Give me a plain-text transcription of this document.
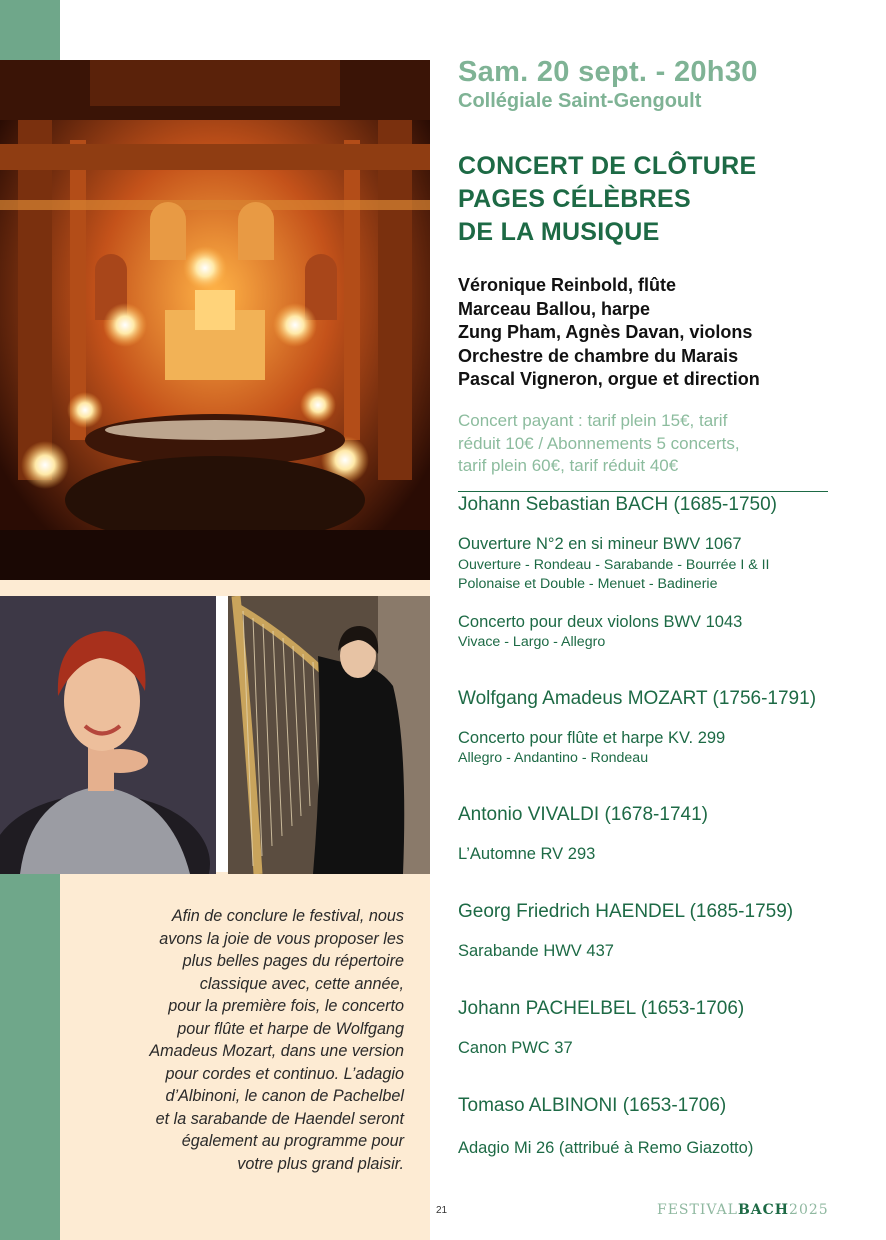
Afin de conclure le festival, nous
avons la joie de vous proposer les
plus belles pages du répertoire
classique avec, cette année,
pour la première fois, le concerto
pour flûte et harpe de Wolfgang
Amadeus Mozart, dans une version
pour cordes et continuo. L’adagio
d’Albinoni, le canon de Pachelbel
et la sarabande de Haendel seront
également au programme pour
votre plus grand plaisir.
Sam. 20 sept. - 20h30
Collégiale Saint-Gengoult
CONCERT DE CLÔTURE
PAGES CÉLÈBRES
DE LA MUSIQUE
Véronique Reinbold, flûte
Marceau Ballou, harpe
Zung Pham, Agnès Davan, violons
Orchestre de chambre du Marais
Pascal Vigneron, orgue et direction
Concert payant : tarif plein 15€, tarif
réduit 10€ / Abonnements 5 concerts,
tarif plein 60€, tarif réduit 40€
Johann Sebastian BACH (1685-1750)
Ouverture N°2 en si mineur BWV 1067
Ouverture - Rondeau - Sarabande - Bourrée I & II
Polonaise et Double - Menuet - Badinerie
Concerto pour deux violons BWV 1043
Vivace - Largo - Allegro
Wolfgang Amadeus MOZART (1756-1791)
Concerto pour flûte et harpe KV. 299
Allegro - Andantino - Rondeau
Antonio VIVALDI (1678-1741)
L’Automne RV 293
Georg Friedrich HAENDEL (1685-1759)
Sarabande HWV 437
Johann PACHELBEL (1653-1706)
Canon PWC 37
Tomaso ALBINONI (1653-1706)
Adagio Mi 26 (attribué à Remo Giazotto)
21	FESTIVALBACH2025
